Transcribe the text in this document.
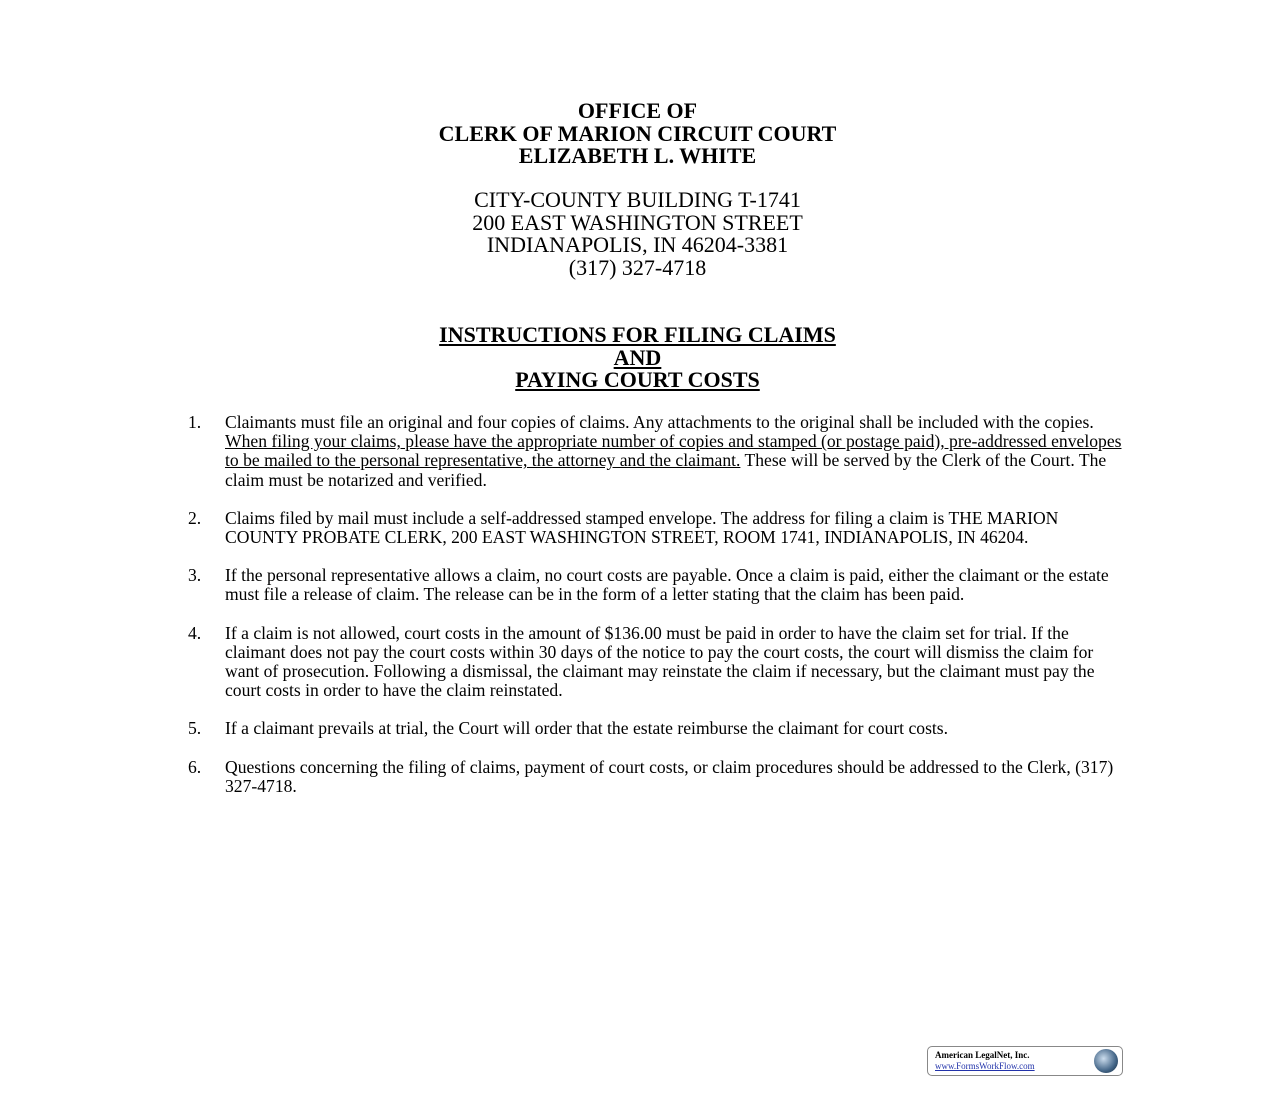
OFFICE OF
CLERK OF MARION CIRCUIT COURT
ELIZABETH L. WHITE
CITY-COUNTY BUILDING T-1741
200 EAST WASHINGTON STREET
INDIANAPOLIS, IN 46204-3381
(317) 327-4718
INSTRUCTIONS FOR FILING CLAIMS
AND
PAYING COURT COSTS
1. Claimants must file an original and four copies of claims. Any attachments to the original shall be included with the copies. When filing your claims, please have the appropriate number of copies and stamped (or postage paid), pre-addressed envelopes to be mailed to the personal representative, the attorney and the claimant. These will be served by the Clerk of the Court. The claim must be notarized and verified.
2. Claims filed by mail must include a self-addressed stamped envelope. The address for filing a claim is THE MARION COUNTY PROBATE CLERK, 200 EAST WASHINGTON STREET, ROOM 1741, INDIANAPOLIS, IN 46204.
3. If the personal representative allows a claim, no court costs are payable. Once a claim is paid, either the claimant or the estate must file a release of claim. The release can be in the form of a letter stating that the claim has been paid.
4. If a claim is not allowed, court costs in the amount of $136.00 must be paid in order to have the claim set for trial. If the claimant does not pay the court costs within 30 days of the notice to pay the court costs, the court will dismiss the claim for want of prosecution. Following a dismissal, the claimant may reinstate the claim if necessary, but the claimant must pay the court costs in order to have the claim reinstated.
5. If a claimant prevails at trial, the Court will order that the estate reimburse the claimant for court costs.
6. Questions concerning the filing of claims, payment of court costs, or claim procedures should be addressed to the Clerk, (317) 327-4718.
American LegalNet, Inc.
www.FormsWorkFlow.com
